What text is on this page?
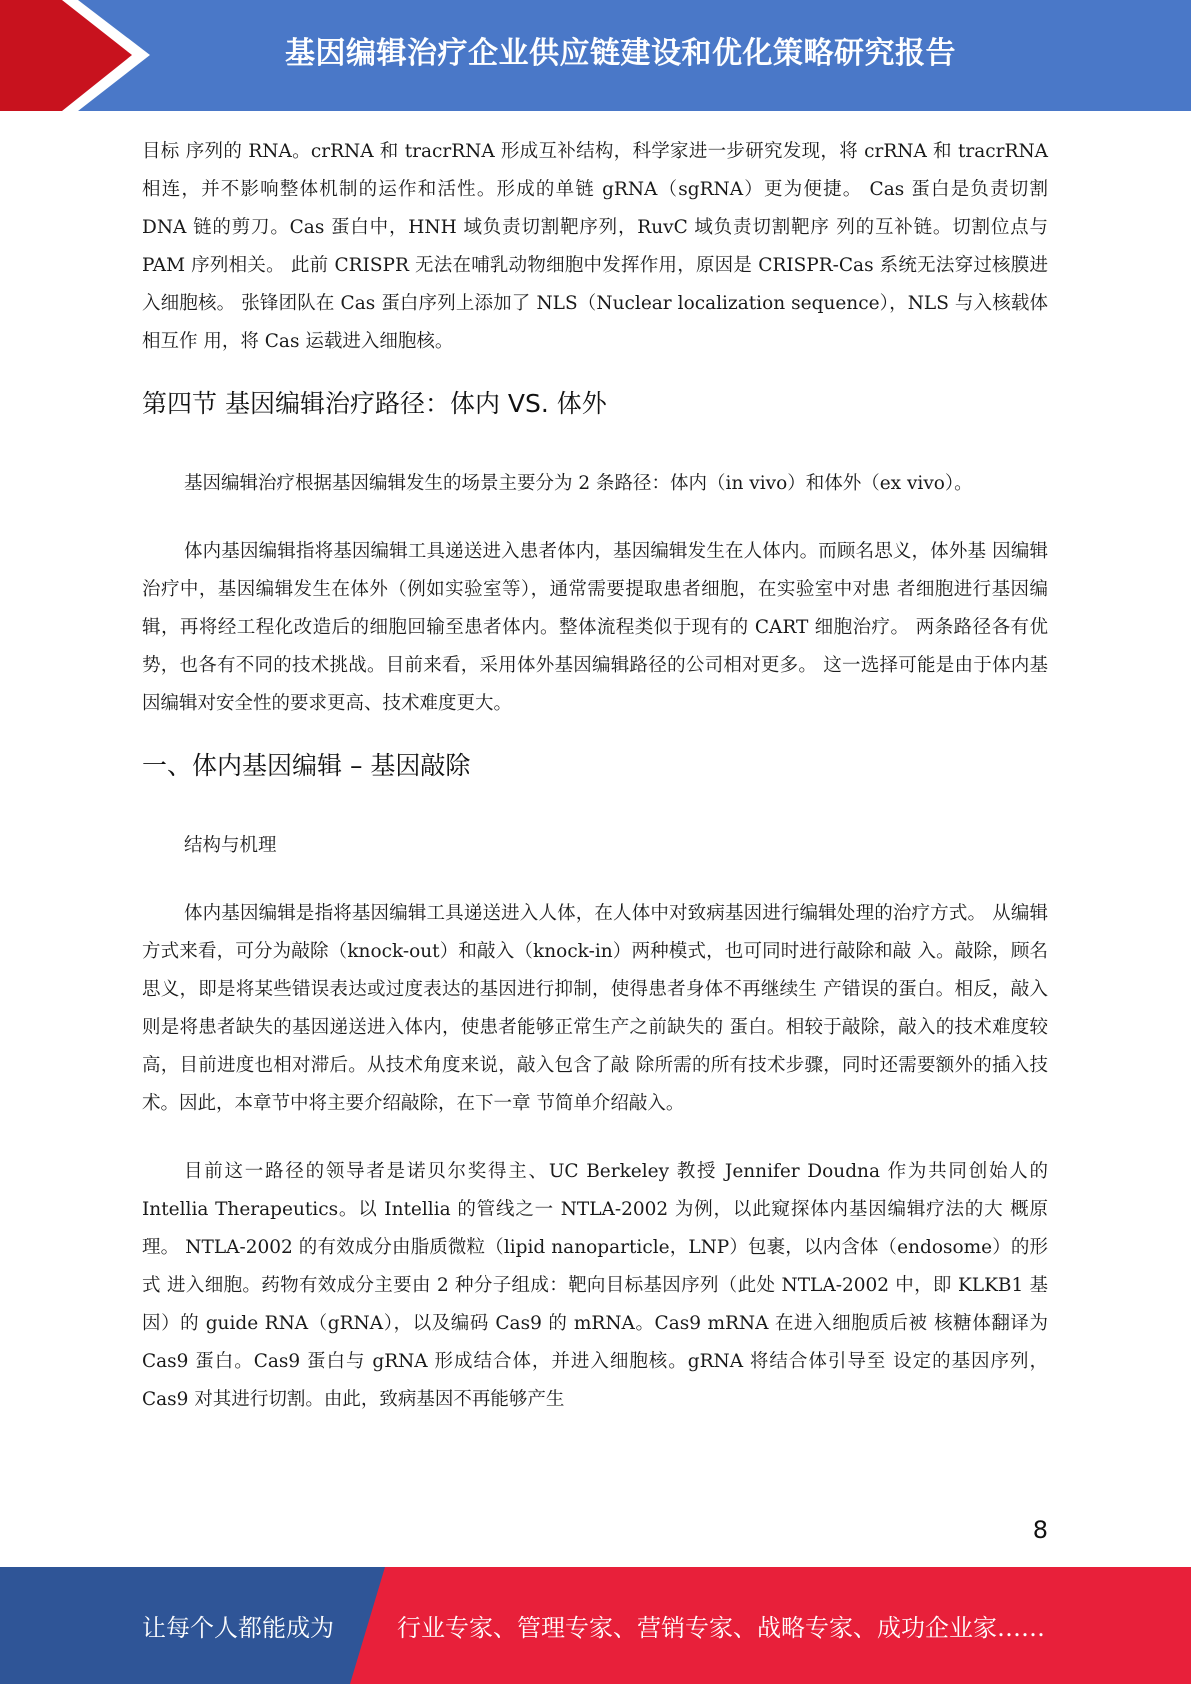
基因编辑治疗企业供应链建设和优化策略研究报告

目标 序列的 RNA。crRNA 和 tracrRNA 形成互补结构，科学家进一步研究发现，将 crRNA 和 tracrRNA 相连，并不影响整体机制的运作和活性。形成的单链 gRNA（sgRNA）更为便捷。 Cas 蛋白是负责切割 DNA 链的剪刀。Cas 蛋白中，HNH 域负责切割靶序列，RuvC 域负责切割靶序 列的互补链。切割位点与 PAM 序列相关。 此前 CRISPR 无法在哺乳动物细胞中发挥作用，原因是 CRISPR-Cas 系统无法穿过核膜进入细胞核。 张锋团队在 Cas 蛋白序列上添加了 NLS（Nuclear localization sequence），NLS 与入核载体相互作 用，将 Cas 运载进入细胞核。

第四节 基因编辑治疗路径：体内 VS. 体外

基因编辑治疗根据基因编辑发生的场景主要分为 2 条路径：体内（in vivo）和体外（ex vivo）。

体内基因编辑指将基因编辑工具递送进入患者体内，基因编辑发生在人体内。而顾名思义，体外基 因编辑治疗中，基因编辑发生在体外（例如实验室等），通常需要提取患者细胞，在实验室中对患 者细胞进行基因编辑，再将经工程化改造后的细胞回输至患者体内。整体流程类似于现有的 CART 细胞治疗。 两条路径各有优势，也各有不同的技术挑战。目前来看，采用体外基因编辑路径的公司相对更多。 这一选择可能是由于体内基因编辑对安全性的要求更高、技术难度更大。

一、体内基因编辑 – 基因敲除

结构与机理

体内基因编辑是指将基因编辑工具递送进入人体，在人体中对致病基因进行编辑处理的治疗方式。 从编辑方式来看，可分为敲除（knock-out）和敲入（knock-in）两种模式，也可同时进行敲除和敲 入。敲除，顾名思义，即是将某些错误表达或过度表达的基因进行抑制，使得患者身体不再继续生 产错误的蛋白。相反，敲入则是将患者缺失的基因递送进入体内，使患者能够正常生产之前缺失的 蛋白。相较于敲除，敲入的技术难度较高，目前进度也相对滞后。从技术角度来说，敲入包含了敲 除所需的所有技术步骤，同时还需要额外的插入技术。因此，本章节中将主要介绍敲除，在下一章 节简单介绍敲入。

目前这一路径的领导者是诺贝尔奖得主、UC Berkeley 教授 Jennifer Doudna 作为共同创始人的 Intellia Therapeutics。以 Intellia 的管线之一 NTLA-2002 为例，以此窥探体内基因编辑疗法的大 概原理。 NTLA-2002 的有效成分由脂质微粒（lipid nanoparticle，LNP）包裹，以内含体（endosome）的形式 进入细胞。药物有效成分主要由 2 种分子组成：靶向目标基因序列（此处 NTLA-2002 中，即 KLKB1 基因）的 guide RNA（gRNA），以及编码 Cas9 的 mRNA。Cas9 mRNA 在进入细胞质后被 核糖体翻译为 Cas9 蛋白。Cas9 蛋白与 gRNA 形成结合体，并进入细胞核。gRNA 将结合体引导至 设定的基因序列，Cas9 对其进行切割。由此，致病基因不再能够产生

8
让每个人都能成为	行业专家、管理专家、营销专家、战略专家、成功企业家……
